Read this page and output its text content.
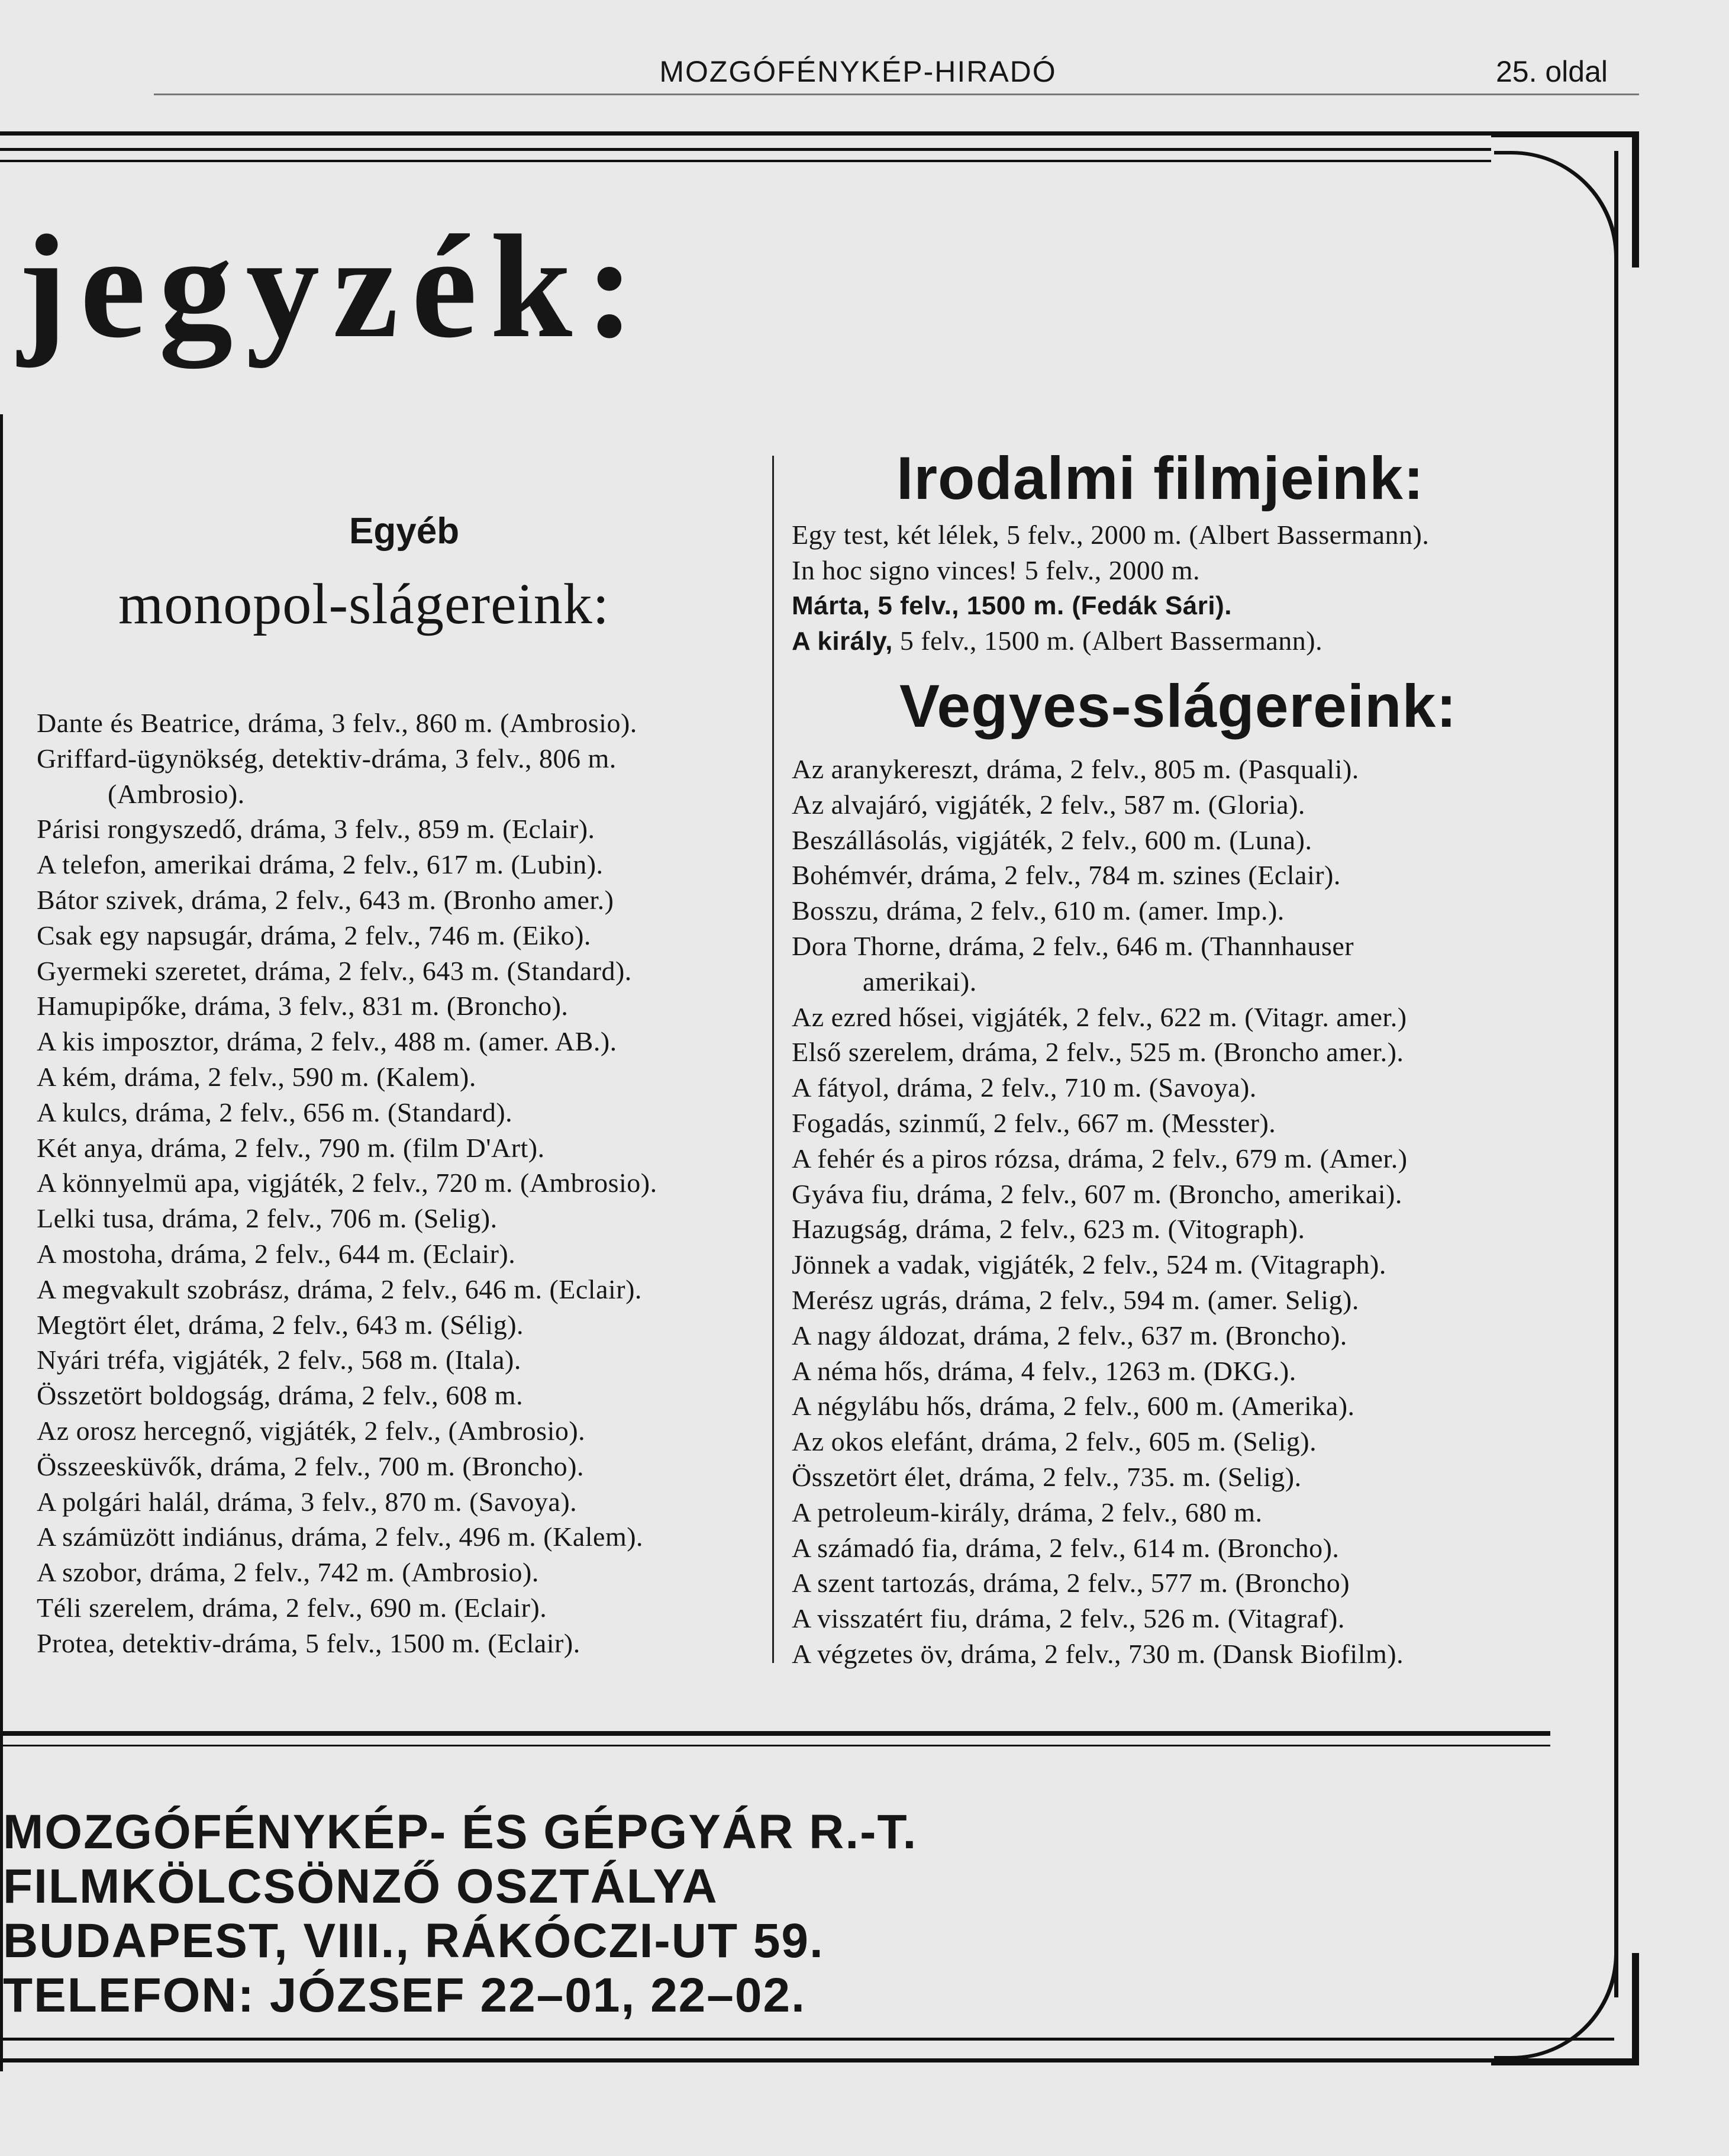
MOZGÓFÉNYKÉP-HIRADÓ	25. oldal
jegyzék:
Egyéb
monopol-slágereink:
Dante és Beatrice, dráma, 3 felv., 860 m. (Ambrosio).
Griffard-ügynökség, detektiv-dráma, 3 felv., 806 m.
(Ambrosio).
Párisi rongyszedő, dráma, 3 felv., 859 m. (Eclair).
A telefon, amerikai dráma, 2 felv., 617 m. (Lubin).
Bátor szivek, dráma, 2 felv., 643 m. (Bronho amer.)
Csak egy napsugár, dráma, 2 felv., 746 m. (Eiko).
Gyermeki szeretet, dráma, 2 felv., 643 m. (Standard).
Hamupipőke, dráma, 3 felv., 831 m. (Broncho).
A kis imposztor, dráma, 2 felv., 488 m. (amer. AB.).
A kém, dráma, 2 felv., 590 m. (Kalem).
A kulcs, dráma, 2 felv., 656 m. (Standard).
Két anya, dráma, 2 felv., 790 m. (film D'Art).
A könnyelmü apa, vigjáték, 2 felv., 720 m. (Ambrosio).
Lelki tusa, dráma, 2 felv., 706 m. (Selig).
A mostoha, dráma, 2 felv., 644 m. (Eclair).
A megvakult szobrász, dráma, 2 felv., 646 m. (Eclair).
Megtört élet, dráma, 2 felv., 643 m. (Sélig).
Nyári tréfa, vigjáték, 2 felv., 568 m. (Itala).
Összetört boldogság, dráma, 2 felv., 608 m.
Az orosz hercegnő, vigjáték, 2 felv., (Ambrosio).
Összeesküvők, dráma, 2 felv., 700 m. (Broncho).
A polgári halál, dráma, 3 felv., 870 m. (Savoya).
A számüzött indiánus, dráma, 2 felv., 496 m. (Kalem).
A szobor, dráma, 2 felv., 742 m. (Ambrosio).
Téli szerelem, dráma, 2 felv., 690 m. (Eclair).
Protea, detektiv-dráma, 5 felv., 1500 m. (Eclair).
Irodalmi filmjeink:
Egy test, két lélek, 5 felv., 2000 m. (Albert Bassermann).
In hoc signo vinces! 5 felv., 2000 m.
Márta, 5 felv., 1500 m. (Fedák Sári).
A király, 5 felv., 1500 m. (Albert Bassermann).
Vegyes-slágereink:
Az aranykereszt, dráma, 2 felv., 805 m. (Pasquali).
Az alvajáró, vigjáték, 2 felv., 587 m. (Gloria).
Beszállásolás, vigjáték, 2 felv., 600 m. (Luna).
Bohémvér, dráma, 2 felv., 784 m. szines (Eclair).
Bosszu, dráma, 2 felv., 610 m. (amer. Imp.).
Dora Thorne, dráma, 2 felv., 646 m. (Thannhauser
amerikai).
Az ezred hősei, vigjáték, 2 felv., 622 m. (Vitagr. amer.)
Első szerelem, dráma, 2 felv., 525 m. (Broncho amer.).
A fátyol, dráma, 2 felv., 710 m. (Savoya).
Fogadás, szinmű, 2 felv., 667 m. (Messter).
A fehér és a piros rózsa, dráma, 2 felv., 679 m. (Amer.)
Gyáva fiu, dráma, 2 felv., 607 m. (Broncho, amerikai).
Hazugság, dráma, 2 felv., 623 m. (Vitograph).
Jönnek a vadak, vigjáték, 2 felv., 524 m. (Vitagraph).
Merész ugrás, dráma, 2 felv., 594 m. (amer. Selig).
A nagy áldozat, dráma, 2 felv., 637 m. (Broncho).
A néma hős, dráma, 4 felv., 1263 m. (DKG.).
A négylábu hős, dráma, 2 felv., 600 m. (Amerika).
Az okos elefánt, dráma, 2 felv., 605 m. (Selig).
Összetört élet, dráma, 2 felv., 735. m. (Selig).
A petroleum-király, dráma, 2 felv., 680 m.
A számadó fia, dráma, 2 felv., 614 m. (Broncho).
A szent tartozás, dráma, 2 felv., 577 m. (Broncho)
A visszatért fiu, dráma, 2 felv., 526 m. (Vitagraf).
A végzetes öv, dráma, 2 felv., 730 m. (Dansk Biofilm).
MOZGÓFÉNYKÉP- ÉS GÉPGYÁR R.-T.
FILMKÖLCSÖNZŐ OSZTÁLYA
BUDAPEST, VIII., RÁKÓCZI-UT 59.
TELEFON: JÓZSEF 22–01, 22–02.
